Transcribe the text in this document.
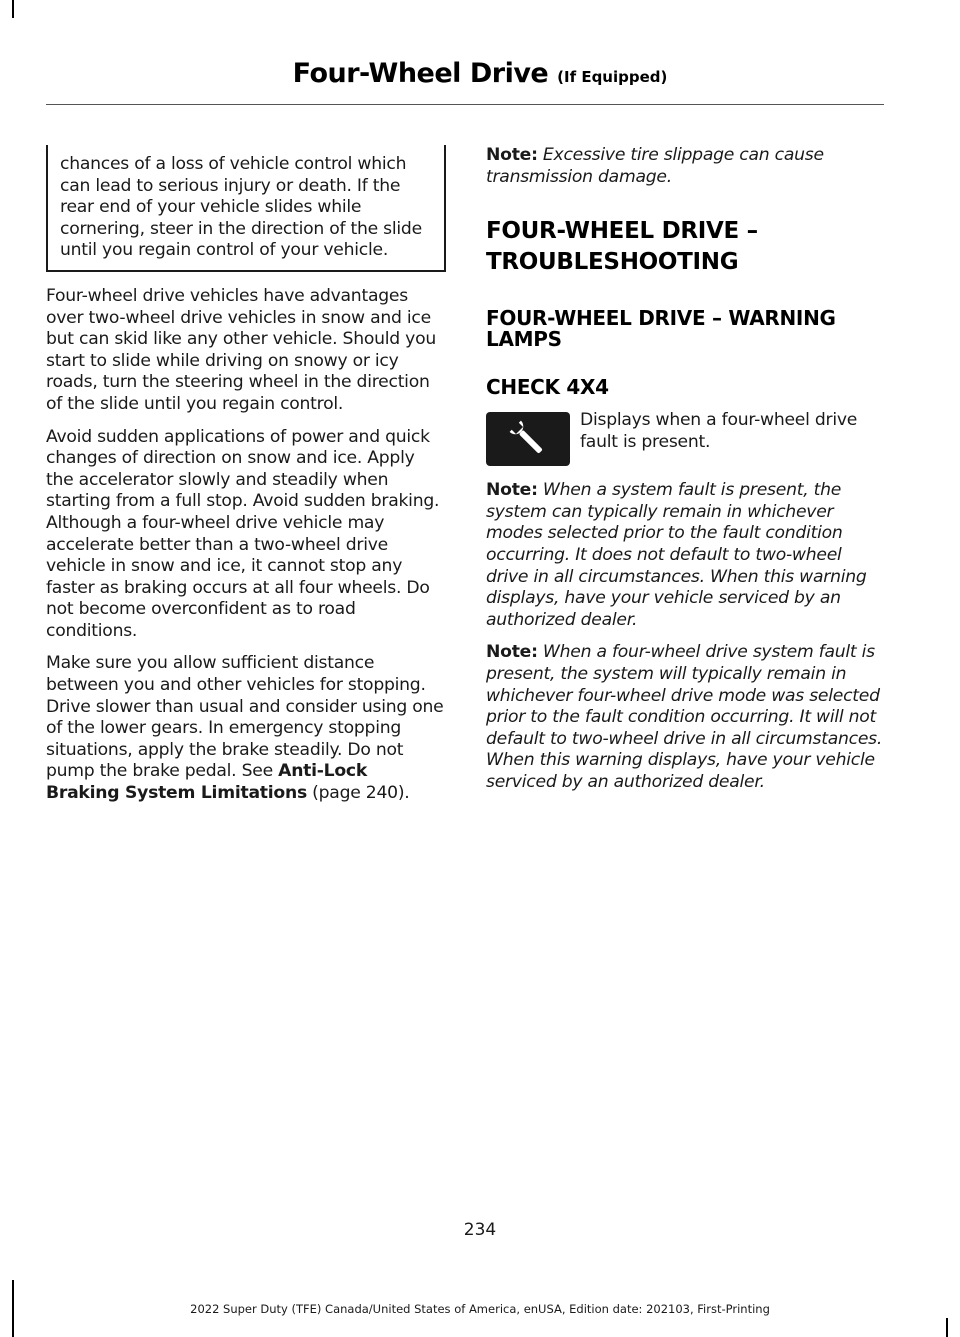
Four-Wheel Drive (If Equipped)
chances of a loss of vehicle control which can lead to serious injury or death. If the rear end of your vehicle slides while cornering, steer in the direction of the slide until you regain control of your vehicle.

Four-wheel drive vehicles have advantages over two-wheel drive vehicles in snow and ice but can skid like any other vehicle. Should you start to slide while driving on snowy or icy roads, turn the steering wheel in the direction of the slide until you regain control.

Avoid sudden applications of power and quick changes of direction on snow and ice. Apply the accelerator slowly and steadily when starting from a full stop. Avoid sudden braking. Although a four-wheel drive vehicle may accelerate better than a two-wheel drive vehicle in snow and ice, it cannot stop any faster as braking occurs at all four wheels. Do not become overconfident as to road conditions.

Make sure you allow sufficient distance between you and other vehicles for stopping. Drive slower than usual and consider using one of the lower gears. In emergency stopping situations, apply the brake steadily. Do not pump the brake pedal. See Anti-Lock Braking System Limitations (page 240).

Note: Excessive tire slippage can cause transmission damage.

FOUR-WHEEL DRIVE –
TROUBLESHOOTING
FOUR-WHEEL DRIVE – WARNING LAMPS
CHECK 4X4

Displays when a four-wheel drive fault is present.

Note: When a system fault is present, the system can typically remain in whichever modes selected prior to the fault condition occurring. It does not default to two-wheel drive in all circumstances. When this warning displays, have your vehicle serviced by an authorized dealer.

Note: When a four-wheel drive system fault is present, the system will typically remain in whichever four-wheel drive mode was selected prior to the fault condition occurring. It will not default to two-wheel drive in all circumstances. When this warning displays, have your vehicle serviced by an authorized dealer.

234
2022 Super Duty (TFE) Canada/United States of America, enUSA, Edition date: 202103, First-Printing
